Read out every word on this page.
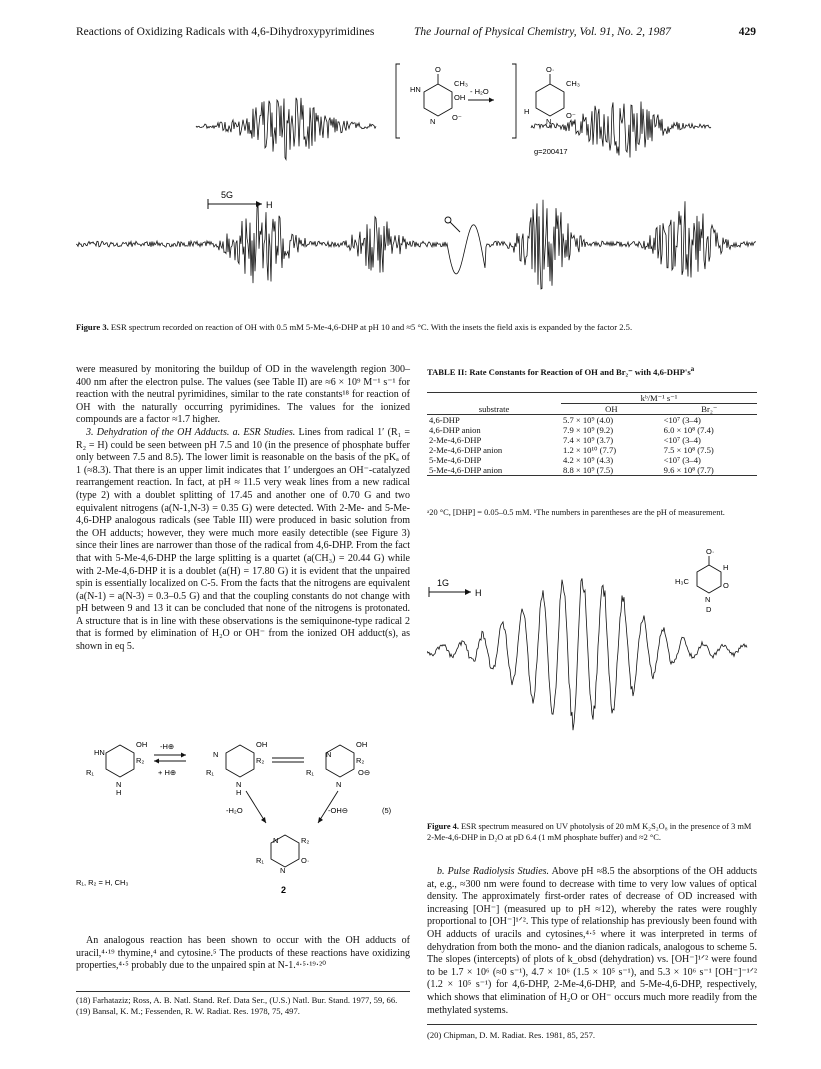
Reactions of Oxidizing Radicals with 4,6-Dihydroxypyrimidines	The Journal of Physical Chemistry, Vol. 91, No. 2, 1987	429
5G
H
O
HN
CH₃
OH
N O⁻
- H₂O
O·
CH₃
H
N
O⁻
g=200417
Figure 3. ESR spectrum recorded on reaction of OH with 0.5 mM 5-Me-4,6-DHP at pH 10 and ≈5 °C. With the insets the field axis is expanded by the factor 2.5.

were measured by monitoring the buildup of OD in the wavelength region 300–400 nm after the electron pulse. The values (see Table II) are ≈6 × 10⁹ M⁻¹ s⁻¹ for reaction with the neutral pyrimidines, similar to the rate constants¹⁸ for reaction of OH with the naturally occurring pyrimidines. The values for the ionized compounds are a factor ≈1.7 higher.

3. Dehydration of the OH Adducts. a. ESR Studies. Lines from radical 1′ (R₁ = R₂ = H) could be seen between pH 7.5 and 10 (in the presence of phosphate buffer only between 7.5 and 8.5). The lower limit is reasonable on the basis of the pKₐ of 1 (≈8.3). That there is an upper limit indicates that 1′ undergoes an OH⁻-catalyzed rearrangement reaction. In fact, at pH ≈ 11.5 very weak lines from a new radical (type 2) with a doublet splitting of 17.45 and another one of 0.70 G and two equivalent nitrogens (a(N-1,N-3) = 0.35 G) were detected. With 2-Me- and 5-Me-4,6-DHP analogous radicals (see Table III) were produced in basic solution from the OH adducts; however, they were much more easily detectible (see Figure 3) since their lines are narrower than those of the radical from 4,6-DHP. From the fact that with 5-Me-4,6-DHP the large splitting is a quartet (a(CH₃) = 20.44 G) while with 2-Me-4,6-DHP it is a doublet (a(H) = 17.80 G) it is evident that the unpaired spin is essentially localized on C-5. From the facts that the nitrogens are equivalent (a(N-1) = a(N-3) = 0.3–0.5 G) and that the coupling constants do not change with pH between 9 and 13 it can be concluded that none of the nitrogens is protonated. A structure that is in line with these observations is the semiquinone-type radical 2 that is formed by elimination of H₂O or OH⁻ from the ionized OH adduct(s), as shown in eq 5.

HN
OH
R₂
R₁
N
H
N
OH
R₂
R₁
N
H
N
OH
R₂
R₁
N
O⊖
N	R₂
R₁
N
O·
-H⊕
+ H⊕
-H₂O	-OH⊖	(5)
R₁, R₂ = H, CH₃
2

An analogous reaction has been shown to occur with the OH adducts of uracil,⁴·¹⁹ thymine,⁴ and cytosine.⁵ The products of these reactions have oxidizing properties,⁴·⁵ probably due to the unpaired spin at N-1.⁴·⁵·¹⁹·²⁰

(18) Farhataziz; Ross, A. B. Natl. Stand. Ref. Data Ser., (U.S.) Natl. Bur. Stand. 1977, 59, 66.
(19) Bansal, K. M.; Fessenden, R. W. Radiat. Res. 1978, 75, 497.
TABLE II: Rate Constants for Reaction of OH and Br₂⁻ with $4,6-DHP's^a$
	kᵇ/M⁻¹ s⁻¹	
substrate	OH	Br₂⁻
4,6-DHP	5.7 × 10⁹ (4.0)	<10⁷ (3–4)
4,6-DHP anion	7.9 × 10⁹ (9.2)	6.0 × 10⁸ (7.4)
2-Me-4,6-DHP	7.4 × 10⁹ (3.7)	<10⁷ (3–4)
2-Me-4,6-DHP anion	1.2 × 10¹⁰ (7.7)	7.5 × 10⁸ (7.5)
5-Me-4,6-DHP	4.2 × 10⁹ (4.3)	<10⁷ (3–4)
5-Me-4,6-DHP anion	8.8 × 10⁹ (7.5)	9.6 × 10⁸ (7.7)
ᵃ20 °C, [DHP] = 0.05–0.5 mM. ᵇThe numbers in parentheses are the pH of measurement.
1G
H
O·
H
H₃C
N
D
O
Figure 4. ESR spectrum measured on UV photolysis of 20 mM K₂S₂O₈ in the presence of 3 mM 2-Me-4,6-DHP in D₂O at pD 6.4 (1 mM phosphate buffer) and ≈2 °C.

b. Pulse Radiolysis Studies. Above pH ≈8.5 the absorptions of the OH adducts at, e.g., ≈300 nm were found to decrease with time to very low values of optical density. The approximately first-order rates of decrease of OD increased with increasing [OH⁻] (measured up to pH ≈12), whereby the rates were roughly proportional to [OH⁻]¹ᐟ². This type of relationship has previously been found with OH adducts of uracils and cytosines,⁴·⁵ where it was interpreted in terms of dehydration from both the mono- and the dianion radicals, analogous to scheme 5. The slopes (intercepts) of plots of k_obsd (dehydration) vs. [OH⁻]¹ᐟ² were found to be 1.7 × 10⁶ (≈0 s⁻¹), 4.7 × 10⁶ (1.5 × 10⁵ s⁻¹), and 5.3 × 10⁶ s⁻¹ [OH⁻]⁻¹ᐟ² (1.2 × 10⁵ s⁻¹) for 4,6-DHP, 2-Me-4,6-DHP, and 5-Me-4,6-DHP, respectively, which shows that elimination of H₂O or OH⁻ occurs much more readily from the methylated systems.

(20) Chipman, D. M. Radiat. Res. 1981, 85, 257.
